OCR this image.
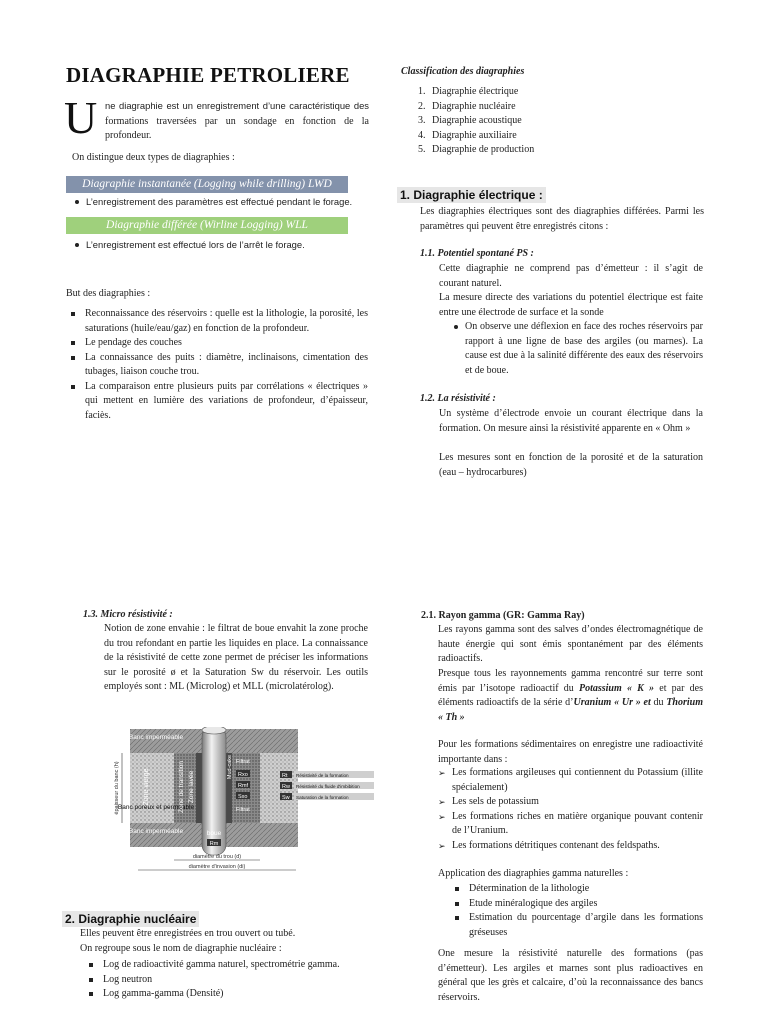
DIAGRAPHIE PETROLIERE
U ne diagraphie est un enregistrement d’une caractéristique des formations traversées par un sondage en fonction de la profondeur.
On distingue deux types de diagraphies :
Diagraphie instantanée (Logging while drilling) LWD
L’enregistrement des paramètres est effectué pendant le forage.
Diagraphie différée (Wirline Logging) WLL
L’enregistrement est effectué lors de l’arrêt le forage.
But des diagraphies :
Reconnaissance des réservoirs : quelle est la lithologie, la porosité, les saturations (huile/eau/gaz) en fonction de la profondeur.
Le pendage des couches
La connaissance des puits : diamètre, inclinaisons, cimentation des tubages, liaison couche trou.
La comparaison entre plusieurs puits par corrélations « électriques » qui mettent en lumière des variations de profondeur, d’épaisseur, faciès.
Classification des diagraphies
1. Diagraphie électrique
2. Diagraphie nucléaire
3. Diagraphie acoustique
4. Diagraphie auxiliaire
5. Diagraphie de production
1. Diagraphie électrique :
Les diagraphies électriques sont des diagraphies différées. Parmi les paramètres qui peuvent être enregistrés citons :
1.1. Potentiel spontané PS :
Cette diagraphie ne comprend pas d’émetteur : il s’agit de courant naturel.
La mesure directe des variations du potentiel électrique est faite entre une électrode de surface et la sonde
On observe une déflexion en face des roches réservoirs par rapport à une ligne de base des argiles (ou marnes). La cause est due à la salinité différente des eaux des réservoirs et de boue.
1.2. La résistivité :
Un système d’électrode envoie un courant électrique dans la formation. On mesure ainsi la résistivité apparente en « Ohm »
Les mesures sont en fonction de la porosité et de la saturation (eau – hydrocarbures)
1.3. Micro résistivité :
Notion de zone envahie : le filtrat de boue envahit la zone proche du trou refondant en partie les liquides en place. La connaissance de la résistivité de cette zone permet de préciser les informations sur le porosité ø et la Saturation Sw du réservoir. Les outils employés sont : ML (Microlog) et MLL (microlatérolog).
Banc imperméable
Banc poreux et perméable
Banc imperméable
Zone vierge	Zone de transition Zone lavée
Mud-cake
épaisseur du banc (h)	Filtrat
Rxo
Rmf
Sxo
Filtrat
Rt Résistivité de la formation
Rw Résistivité du fluide d'imbibition
Sw Saturation de la formation
boue
Rm
diamètre du trou (d)
diamètre d'invasion (di)
2. Diagraphie nucléaire
Elles peuvent être enregistrées en trou ouvert ou tubé.
On regroupe sous le nom de diagraphie nucléaire :
Log de radioactivité gamma naturel, spectrométrie gamma.
Log neutron
Log gamma-gamma (Densité)
2.1. Rayon gamma (GR: Gamma Ray)
Les rayons gamma sont des salves d’ondes électromagnétique de haute énergie qui sont émis spontanément par des éléments radioactifs.
Presque tous les rayonnements gamma rencontré sur terre sont émis par l’isotope radioactif du Potassium « K » et par des éléments radioactifs de la série d’Uranium « Ur » et du Thorium « Th »
Pour les formations sédimentaires on enregistre une radioactivité importante dans :
➢ Les formations argileuses qui contiennent du Potassium (illite spécialement)
➢ Les sels de potassium
➢ Les formations riches en matière organique pouvant contenir de l’Uranium.
➢ Les formations détritiques contenant des feldspaths.
Application des diagraphies gamma naturelles :
Détermination de la lithologie
Etude minéralogique des argiles
Estimation du pourcentage d’argile dans les formations gréseuses
One mesure la résistivité naturelle des formations (pas d’émetteur). Les argiles et marnes sont plus radioactives en général que les grès et calcaire, d’où la reconnaissance des bancs réservoirs.
